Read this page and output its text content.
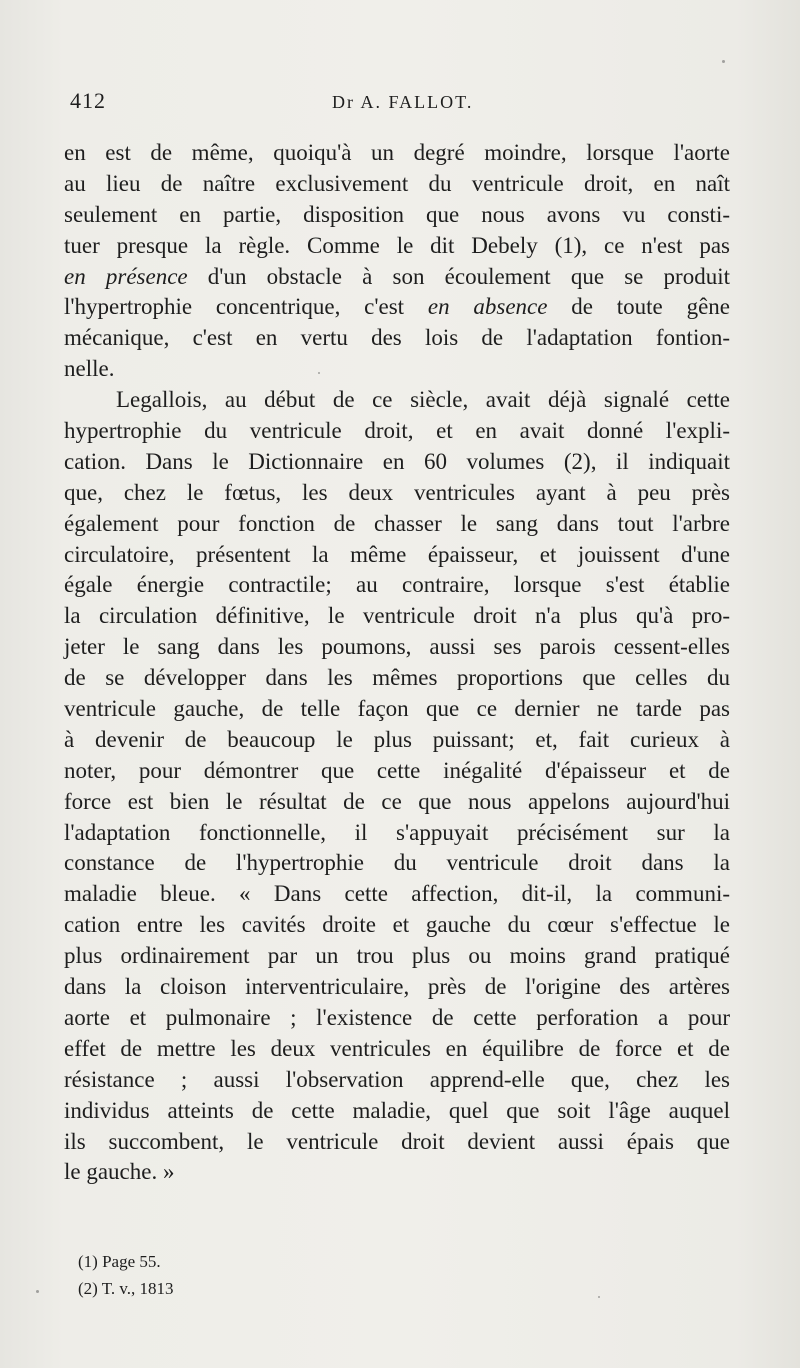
412	Dr A. FALLOT.
en est de même, quoiqu'à un degré moindre, lorsque l'aorte
au lieu de naître exclusivement du ventricule droit, en naît
seulement en partie, disposition que nous avons vu consti-
tuer presque la règle. Comme le dit Debely (1), ce n'est pas
en présence d'un obstacle à son écoulement que se produit
l'hypertrophie concentrique, c'est en absence de toute gêne
mécanique, c'est en vertu des lois de l'adaptation fontion-
nelle.
Legallois, au début de ce siècle, avait déjà signalé cette
hypertrophie du ventricule droit, et en avait donné l'expli-
cation. Dans le Dictionnaire en 60 volumes (2), il indiquait
que, chez le fœtus, les deux ventricules ayant à peu près
également pour fonction de chasser le sang dans tout l'arbre
circulatoire, présentent la même épaisseur, et jouissent d'une
égale énergie contractile; au contraire, lorsque s'est établie
la circulation définitive, le ventricule droit n'a plus qu'à pro-
jeter le sang dans les poumons, aussi ses parois cessent-elles
de se développer dans les mêmes proportions que celles du
ventricule gauche, de telle façon que ce dernier ne tarde pas
à devenir de beaucoup le plus puissant; et, fait curieux à
noter, pour démontrer que cette inégalité d'épaisseur et de
force est bien le résultat de ce que nous appelons aujourd'hui
l'adaptation fonctionnelle, il s'appuyait précisément sur la
constance de l'hypertrophie du ventricule droit dans la
maladie bleue. « Dans cette affection, dit-il, la communi-
cation entre les cavités droite et gauche du cœur s'effectue le
plus ordinairement par un trou plus ou moins grand pratiqué
dans la cloison interventriculaire, près de l'origine des artères
aorte et pulmonaire ; l'existence de cette perforation a pour
effet de mettre les deux ventricules en équilibre de force et de
résistance ; aussi l'observation apprend-elle que, chez les
individus atteints de cette maladie, quel que soit l'âge auquel
ils succombent, le ventricule droit devient aussi épais que
le gauche. »
(1) Page 55.
(2) T. v., 1813
